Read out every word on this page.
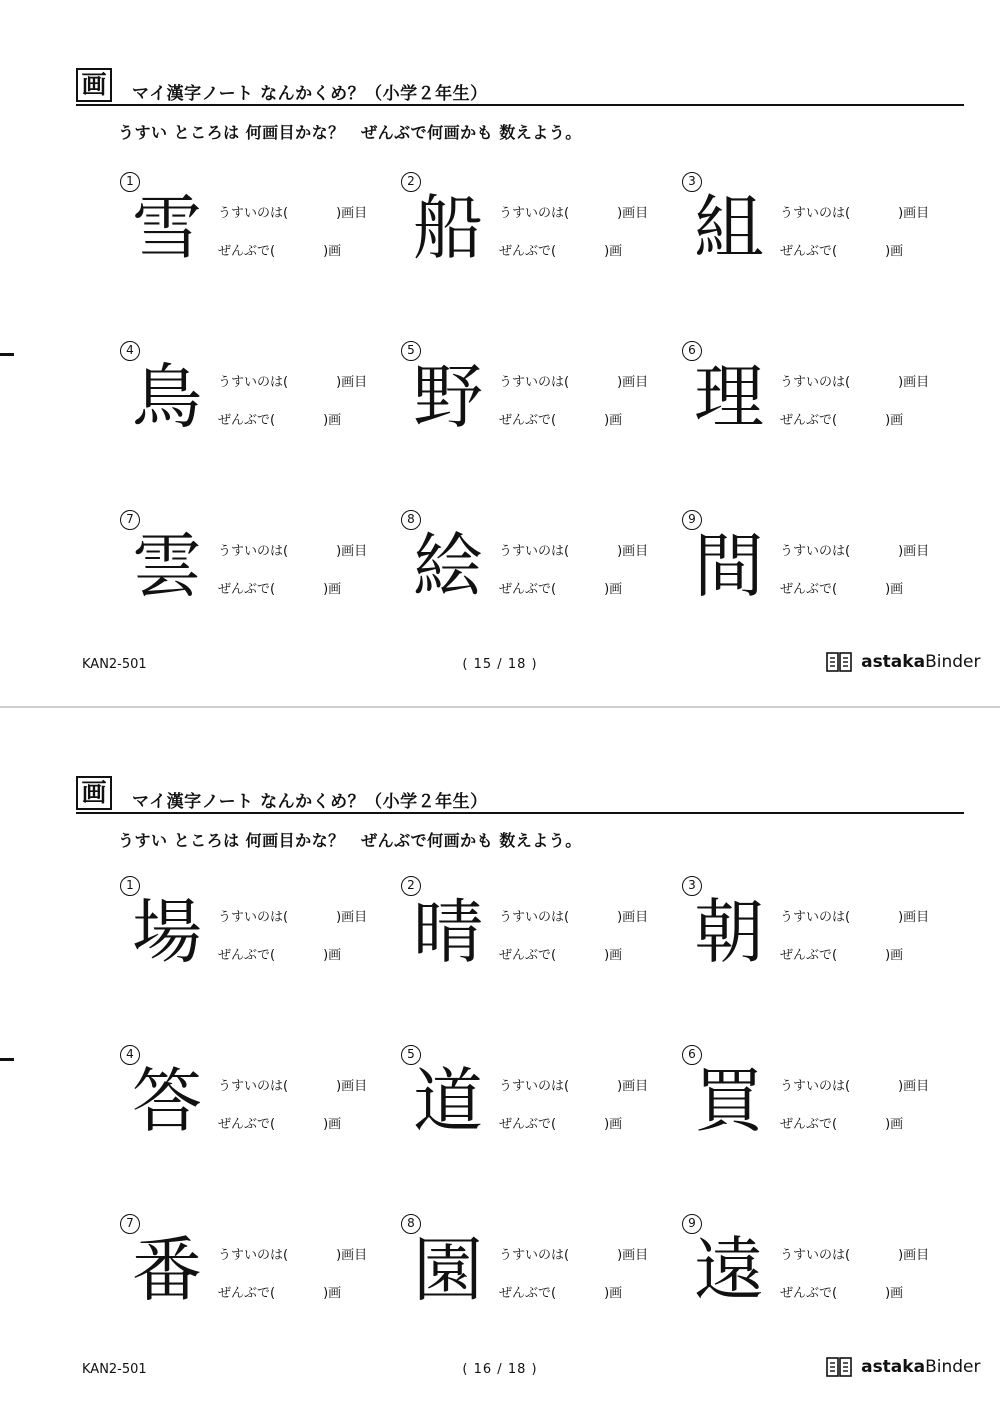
画	マイ漢字ノート なんかくめ？（小学２年生）
うすい ところは 何画目かな？　ぜんぶで何画かも 数えよう。
1
雪 うすいのは(	)画目
ぜんぶで(	)画
2
船 うすいのは(	)画目
ぜんぶで(	)画
3
組 うすいのは(	)画目
ぜんぶで(	)画
4
鳥 うすいのは(	)画目
ぜんぶで(	)画
5
野 うすいのは(	)画目
ぜんぶで(	)画
6
理 うすいのは(	)画目
ぜんぶで(	)画
7
雲 うすいのは(	)画目
ぜんぶで(	)画
8
絵 うすいのは(	)画目
ぜんぶで(	)画
9
間 うすいのは(	)画目
ぜんぶで(	)画
KAN2-501	( 15 / 18 )	astakaBinder
画	マイ漢字ノート なんかくめ？（小学２年生）
うすい ところは 何画目かな？　ぜんぶで何画かも 数えよう。
1
場 うすいのは(	)画目
ぜんぶで(	)画
2
晴 うすいのは(	)画目
ぜんぶで(	)画
3
朝 うすいのは(	)画目
ぜんぶで(	)画
4
答 うすいのは(	)画目
ぜんぶで(	)画
5
道 うすいのは(	)画目
ぜんぶで(	)画
6
買 うすいのは(	)画目
ぜんぶで(	)画
7
番 うすいのは(	)画目
ぜんぶで(	)画
8
園 うすいのは(	)画目
ぜんぶで(	)画
9
遠 うすいのは(	)画目
ぜんぶで(	)画
KAN2-501	( 16 / 18 )	astakaBinder
